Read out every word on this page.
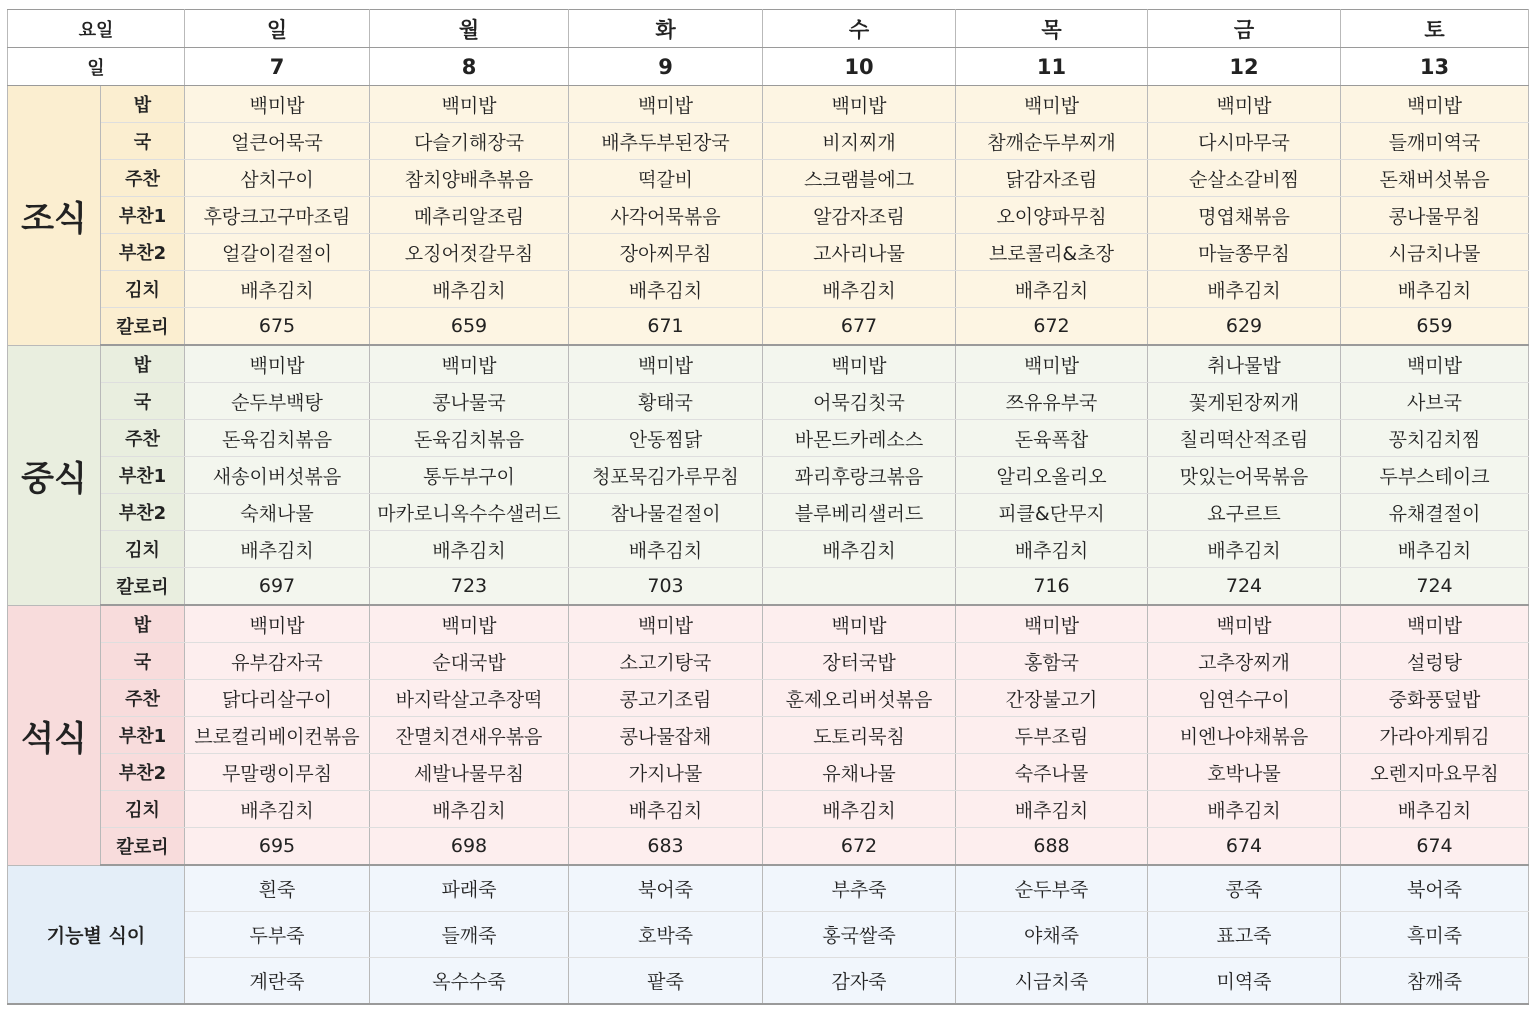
요일		일	월	화	수	목	금	토
일		7	8	9	10	11	12	13
조식	밥	백미밥	백미밥	백미밥	백미밥	백미밥	백미밥	백미밥
	국	얼큰어묵국	다슬기해장국	배추두부된장국	비지찌개	참깨순두부찌개	다시마무국	들깨미역국
	주찬	삼치구이	참치양배추볶음	떡갈비	스크램블에그	닭감자조림	순살소갈비찜	돈채버섯볶음
	부찬1	후랑크고구마조림	메추리알조림	사각어묵볶음	알감자조림	오이양파무침	명엽채볶음	콩나물무침
	부찬2	얼갈이겉절이	오징어젓갈무침	장아찌무침	고사리나물	브로콜리&초장	마늘쫑무침	시금치나물
	김치	배추김치	배추김치	배추김치	배추김치	배추김치	배추김치	배추김치
	칼로리	675	659	671	677	672	629	659
중식	밥	백미밥	백미밥	백미밥	백미밥	백미밥	취나물밥	백미밥
	국	순두부백탕	콩나물국	황태국	어묵김칫국	쯔유유부국	꽃게된장찌개	사브국
	주찬	돈육김치볶음	돈육김치볶음	안동찜닭	바몬드카레소스	돈육폭찹	칠리떡산적조림	꽁치김치찜
	부찬1	새송이버섯볶음	통두부구이	청포묵김가루무침	꽈리후랑크볶음	알리오올리오	맛있는어묵볶음	두부스테이크
	부찬2	숙채나물	마카로니옥수수샐러드	참나물겉절이	블루베리샐러드	피클&단무지	요구르트	유채결절이
	김치	배추김치	배추김치	배추김치	배추김치	배추김치	배추김치	배추김치
	칼로리	697	723	703		716	724	724
석식	밥	백미밥	백미밥	백미밥	백미밥	백미밥	백미밥	백미밥
	국	유부감자국	순대국밥	소고기탕국	장터국밥	홍함국	고추장찌개	설렁탕
	주찬	닭다리살구이	바지락살고추장떡	콩고기조림	훈제오리버섯볶음	간장불고기	임연수구이	중화풍덮밥
	부찬1	브로컬리베이컨볶음	잔멸치견새우볶음	콩나물잡채	도토리묵침	두부조림	비엔나야채볶음	가라아게튀김
	부찬2	무말랭이무침	세발나물무침	가지나물	유채나물	숙주나물	호박나물	오렌지마요무침
	김치	배추김치	배추김치	배추김치	배추김치	배추김치	배추김치	배추김치
	칼로리	695	698	683	672	688	674	674
기능별 식이		흰죽	파래죽	북어죽	부추죽	순두부죽	콩죽	북어죽
		두부죽	들깨죽	호박죽	홍국쌀죽	야채죽	표고죽	흑미죽
		계란죽	옥수수죽	팥죽	감자죽	시금치죽	미역죽	참깨죽
